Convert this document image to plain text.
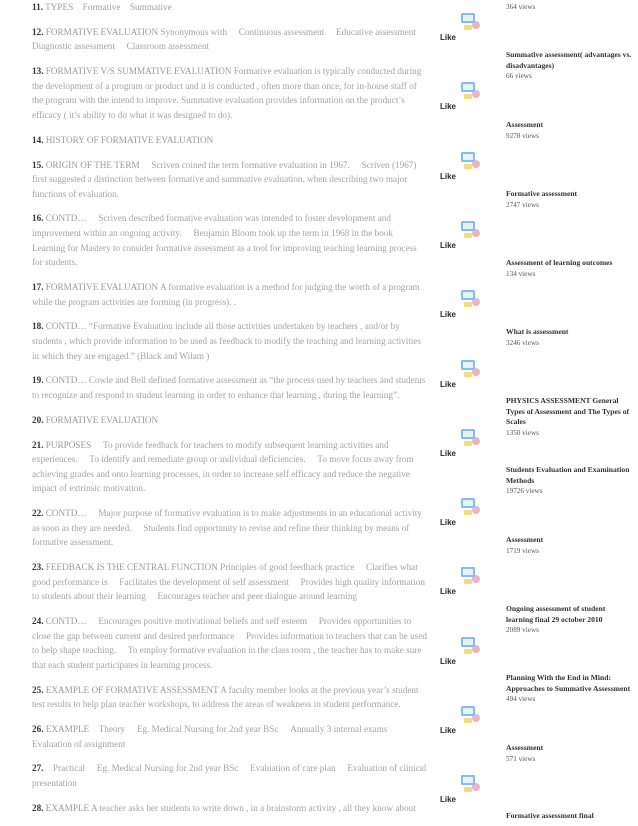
11. TYPES Formative Summative
12. FORMATIVE EVALUATION Synonymous with Continuous assessment Educative assessment Diagnostic assessment Classroom assessment
13. FORMATIVE V/S SUMMATIVE EVALUATION Formative evaluation is typically conducted during the development of a program or product and it is conducted , often more than once, for in-house staff of the program with the intend to improve. Summative evaluation provides information on the product’s efficacy ( it’s ability to do what it was designed to do).
14. HISTORY OF FORMATIVE EVALUATION
15. ORIGIN OF THE TERM Scriven coined the term formative evaluation in 1967. Scriven (1967) first suggested a distinction between formative and summative evaluation. when describing two major functions of evaluation.
16. CONTD… Scriven described formative evaluation was intended to foster development and improvement within an ongoing activity. Benjamin Bloom took up the term in 1968 in the book Learning for Mastery to consider formative assessment as a tool for improving teaching learning process for students.
17. FORMATIVE EVALUATION A formative evaluation is a method for judging the worth of a program while the program activities are forming (in progress). .
18. CONTD… “Formative Evaluation include all those activities undertaken by teachers , and/or by students , which provide information to be used as feedback to modify the teaching and learning activities in which they are engaged.” (Black and Wilam )
19. CONTD… Cowie and Bell defined formative assessment as “the process used by teachers and students to recognize and respond to student learning in order to enhance that learning , during the learning”.
20. FORMATIVE EVALUATION
21. PURPOSES To provide feedback for teachers to modify subsequent learning activities and experiences. To identify and remediate group or individual deficiencies. To move focus away from achieving grades and onto learning processes, in order to increase self efficacy and reduce the negative impact of extrinsic motivation.
22. CONTD… Major purpose of formative evaluation is to make adjustments in an educational activity as soon as they are needed. Students find opportunity to revise and refine their thinking by means of formative assessment.
23. FEEDBACK IS THE CENTRAL FUNCTION Principles of good feedback practice Clarifies what good performance is Facilitates the development of self assessment Provides high quality information to students about their learning Encourages teacher and peer dialogue around learning
24. CONTD… Encourages positive motivational beliefs and self esteem Provides opportunities to close the gap between current and desired performance Provides information to teachers that can be used to help shape teaching. To employ formative evaluation in the class room , the teacher has to make sure that each student participates in learning process.
25. EXAMPLE OF FORMATIVE ASSESSMENT A faculty member looks at the previous year’s student test results to help plan teacher workshops, to address the areas of weakness in student performance.
26. EXAMPLE Theory Eg. Medical Nursing for 2nd year BSc Annually 3 internal exams Evaluation of assignment
27. Practical Eg. Medical Nursing for 2nd year BSc Evaluation of care plan Evaluation of clinical presentation
28. EXAMPLE A teacher asks her students to write down , in a brainstorm activity , all they know about
Like
Like
Like
Like
Like
Like
Like
Like
Like
Like
Like
Like
364 views
Summative assessment( advantages vs. disadvantages)
66 views
Assessment
9278 views
Formative assessment
2747 views
Assessment of learning outcomes
134 views
What is assessment
3246 views
PHYSICS ASSESSMENT General Types of Assessment and The Types of Scales
1350 views
Students Evaluation and Examination Methods
19726 views
Assessment
1719 views
Ongoing assessment of student learning final 29 october 2010
2089 views
Planning With the End in Mind: Approaches to Summative Assessment
494 views
Assessment
571 views
Formative assessment final
